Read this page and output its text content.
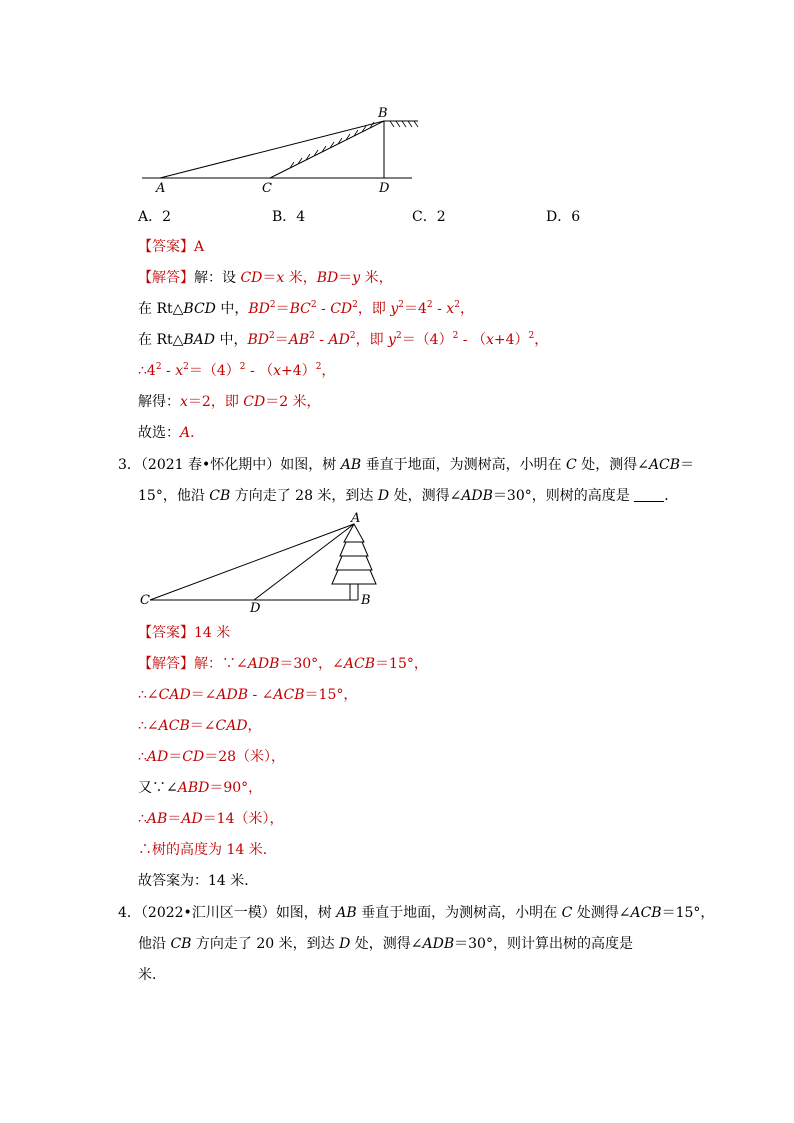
A	C	D
B
A．2	B．4	C．2	D．6
【答案】A
【解答】解：设 CD＝x 米，BD＝y 米，
在 Rt△BCD 中，$BD^2=BC^2 - CD^2$，即 $y^2=4^2 - x^2$，
在 Rt△BAD 中，$BD^2=AB^2 - AD^2$，即 $y^2=(4)^2 - (x+4)^2$，
$\therefore 4^2 - x^2=(4)^2 - (x+4)^2$，
解得：x＝2，即 CD＝2 米，
故选：A．
3．（2021 春•怀化期中）如图，树 AB 垂直于地面，为测树高，小明在 C 处，测得∠ACB＝
15°，他沿 CB 方向走了 28 米，到达 D 处，测得∠ADB＝30°，则树的高度是 ．
A
C
D
B
【答案】14 米
【解答】解：∵∠ADB＝30°，∠ACB＝15°，
∴∠CAD＝∠ADB - ∠ACB＝15°，
∴∠ACB＝∠CAD，
∴AD＝CD＝28（米），
又∵∠ABD＝90°，
∴AB＝AD＝14（米），
∴树的高度为 14 米．
故答案为：14 米．
4．（2022•汇川区一模）如图，树 AB 垂直于地面，为测树高，小明在 C 处测得∠ACB＝15°，
他沿 CB 方向走了 20 米，到达 D 处，测得∠ADB＝30°，则计算出树的高度是
米．
